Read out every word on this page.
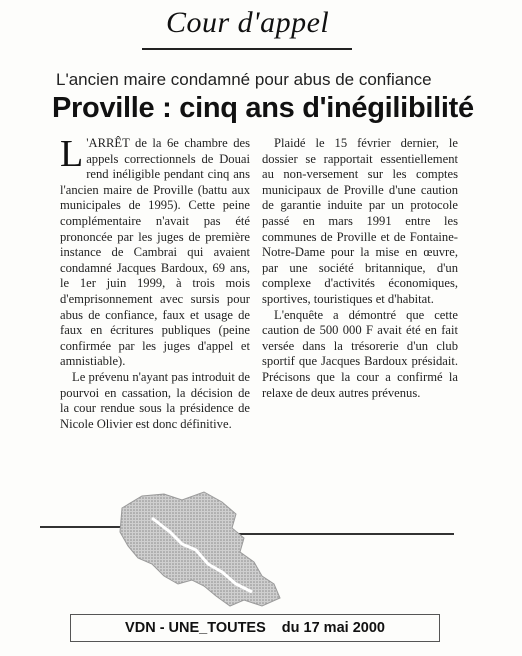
Cour d'appel
L'ancien maire condamné pour abus de confiance
Proville : cinq ans d'inégilibilité

L 'ARRÊT de la 6e chambre des appels correctionnels de Douai rend inéligible pendant cinq ans l'ancien maire de Proville (battu aux municipales de 1995). Cette peine complémentaire n'avait pas été prononcée par les juges de première instance de Cambrai qui avaient condamné Jacques Bardoux, 69 ans, le 1er juin 1999, à trois mois d'emprisonnement avec sursis pour abus de confiance, faux et usage de faux en écritures publiques (peine confirmée par les juges d'appel et amnistiable).

Le prévenu n'ayant pas introduit de pourvoi en cassation, la décision de la cour rendue sous la présidence de Nicole Olivier est donc définitive.

Plaidé le 15 février dernier, le dossier se rapportait essentiellement au non-versement sur les comptes municipaux de Proville d'une caution de garantie induite par un protocole passé en mars 1991 entre les communes de Proville et de Fontaine-Notre-Dame pour la mise en œuvre, par une société britannique, d'un complexe d'activités économiques, sportives, touristiques et d'habitat.

L'enquête a démontré que cette caution de 500 000 F avait été en fait versée dans la trésorerie d'un club sportif que Jacques Bardoux présidait. Précisons que la cour a confirmé la relaxe de deux autres prévenus.

VDN - UNE_TOUTES du 17 mai 2000
